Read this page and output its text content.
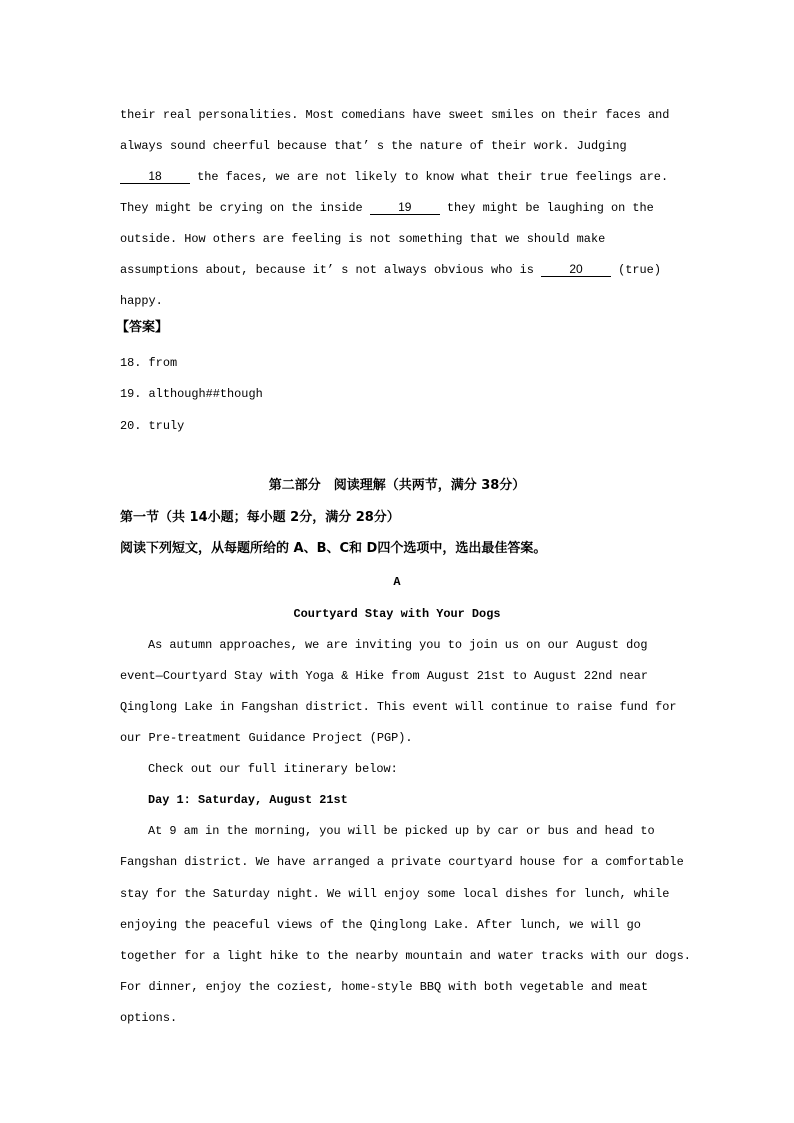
their real personalities. Most comedians have sweet smiles on their faces and
always sound cheerful because that’ s the nature of their work. Judging
18 the faces, we are not likely to know what their true feelings are.
They might be crying on the inside 19 they might be laughing on the
outside. How others are feeling is not something that we should make
assumptions about, because it’ s not always obvious who is 20 (true)
happy.
【答案】
18. from
19. although##though
20. truly
第二部分　阅读理解（共两节，满分 38分）
第一节（共 14小题；每小题 2分，满分 28分）
阅读下列短文，从每题所给的 A、B、C和 D四个选项中，选出最佳答案。
A
Courtyard Stay with Your Dogs
As autumn approaches, we are inviting you to join us on our August dog
event—Courtyard Stay with Yoga & Hike from August 21st to August 22nd near
Qinglong Lake in Fangshan district. This event will continue to raise fund for
our Pre-treatment Guidance Project (PGP).
Check out our full itinerary below:
Day 1: Saturday, August 21st
At 9 am in the morning, you will be picked up by car or bus and head to
Fangshan district. We have arranged a private courtyard house for a comfortable
stay for the Saturday night. We will enjoy some local dishes for lunch, while
enjoying the peaceful views of the Qinglong Lake. After lunch, we will go
together for a light hike to the nearby mountain and water tracks with our dogs.
For dinner, enjoy the coziest, home-style BBQ with both vegetable and meat
options.
